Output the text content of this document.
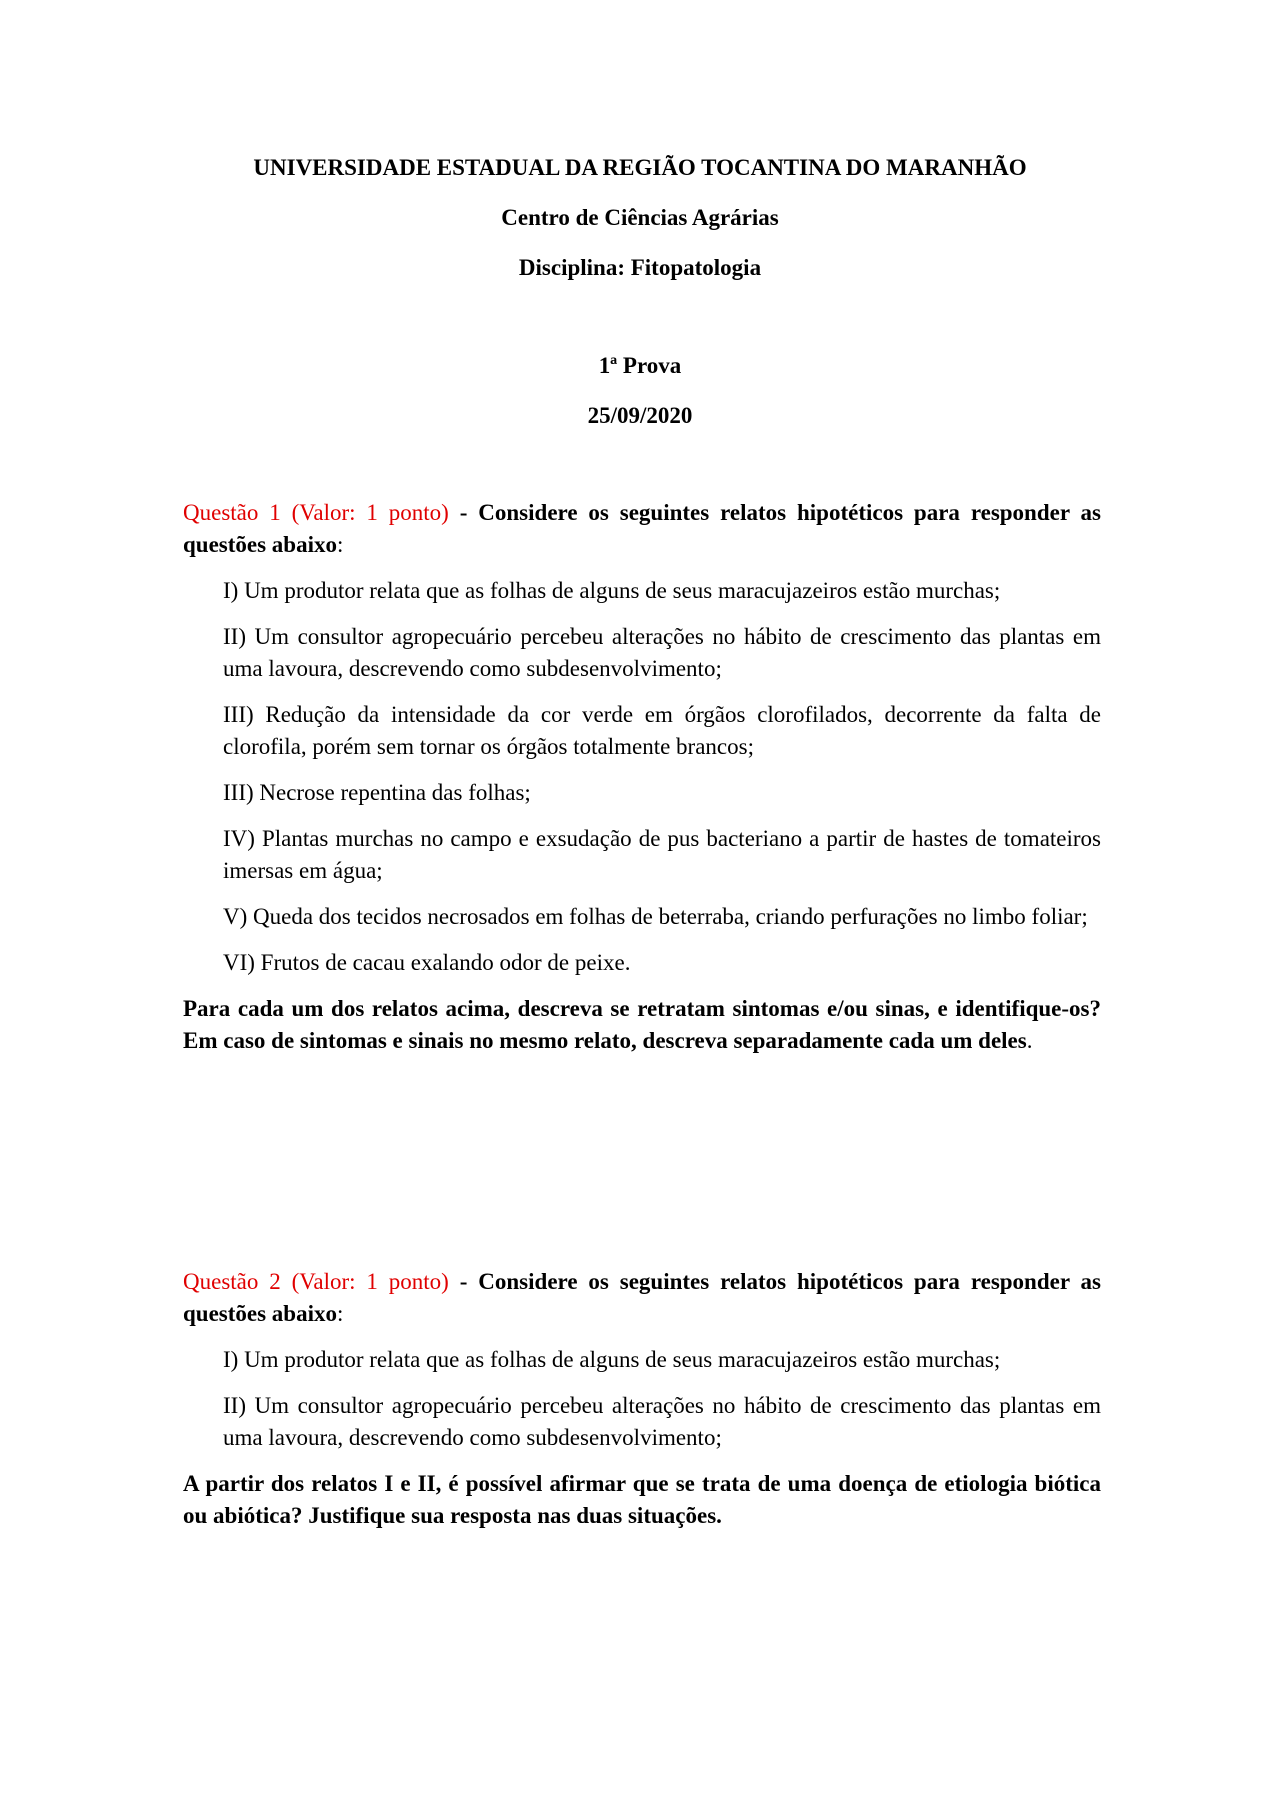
UNIVERSIDADE ESTADUAL DA REGIÃO TOCANTINA DO MARANHÃO
Centro de Ciências Agrárias
Disciplina: Fitopatologia
1ª Prova
25/09/2020

Questão 1 (Valor: 1 ponto) - Considere os seguintes relatos hipotéticos para responder as questões abaixo:

I) Um produtor relata que as folhas de alguns de seus maracujazeiros estão murchas;
II) Um consultor agropecuário percebeu alterações no hábito de crescimento das plantas em uma lavoura, descrevendo como subdesenvolvimento;
III) Redução da intensidade da cor verde em órgãos clorofilados, decorrente da falta de clorofila, porém sem tornar os órgãos totalmente brancos;
III) Necrose repentina das folhas;
IV) Plantas murchas no campo e exsudação de pus bacteriano a partir de hastes de tomateiros imersas em água;
V) Queda dos tecidos necrosados em folhas de beterraba, criando perfurações no limbo foliar;
VI) Frutos de cacau exalando odor de peixe.

Para cada um dos relatos acima, descreva se retratam sintomas e/ou sinas, e identifique-os? Em caso de sintomas e sinais no mesmo relato, descreva separadamente cada um deles.

Questão 2 (Valor: 1 ponto) - Considere os seguintes relatos hipotéticos para responder as questões abaixo:

I) Um produtor relata que as folhas de alguns de seus maracujazeiros estão murchas;
II) Um consultor agropecuário percebeu alterações no hábito de crescimento das plantas em uma lavoura, descrevendo como subdesenvolvimento;

A partir dos relatos I e II, é possível afirmar que se trata de uma doença de etiologia biótica ou abiótica? Justifique sua resposta nas duas situações.
